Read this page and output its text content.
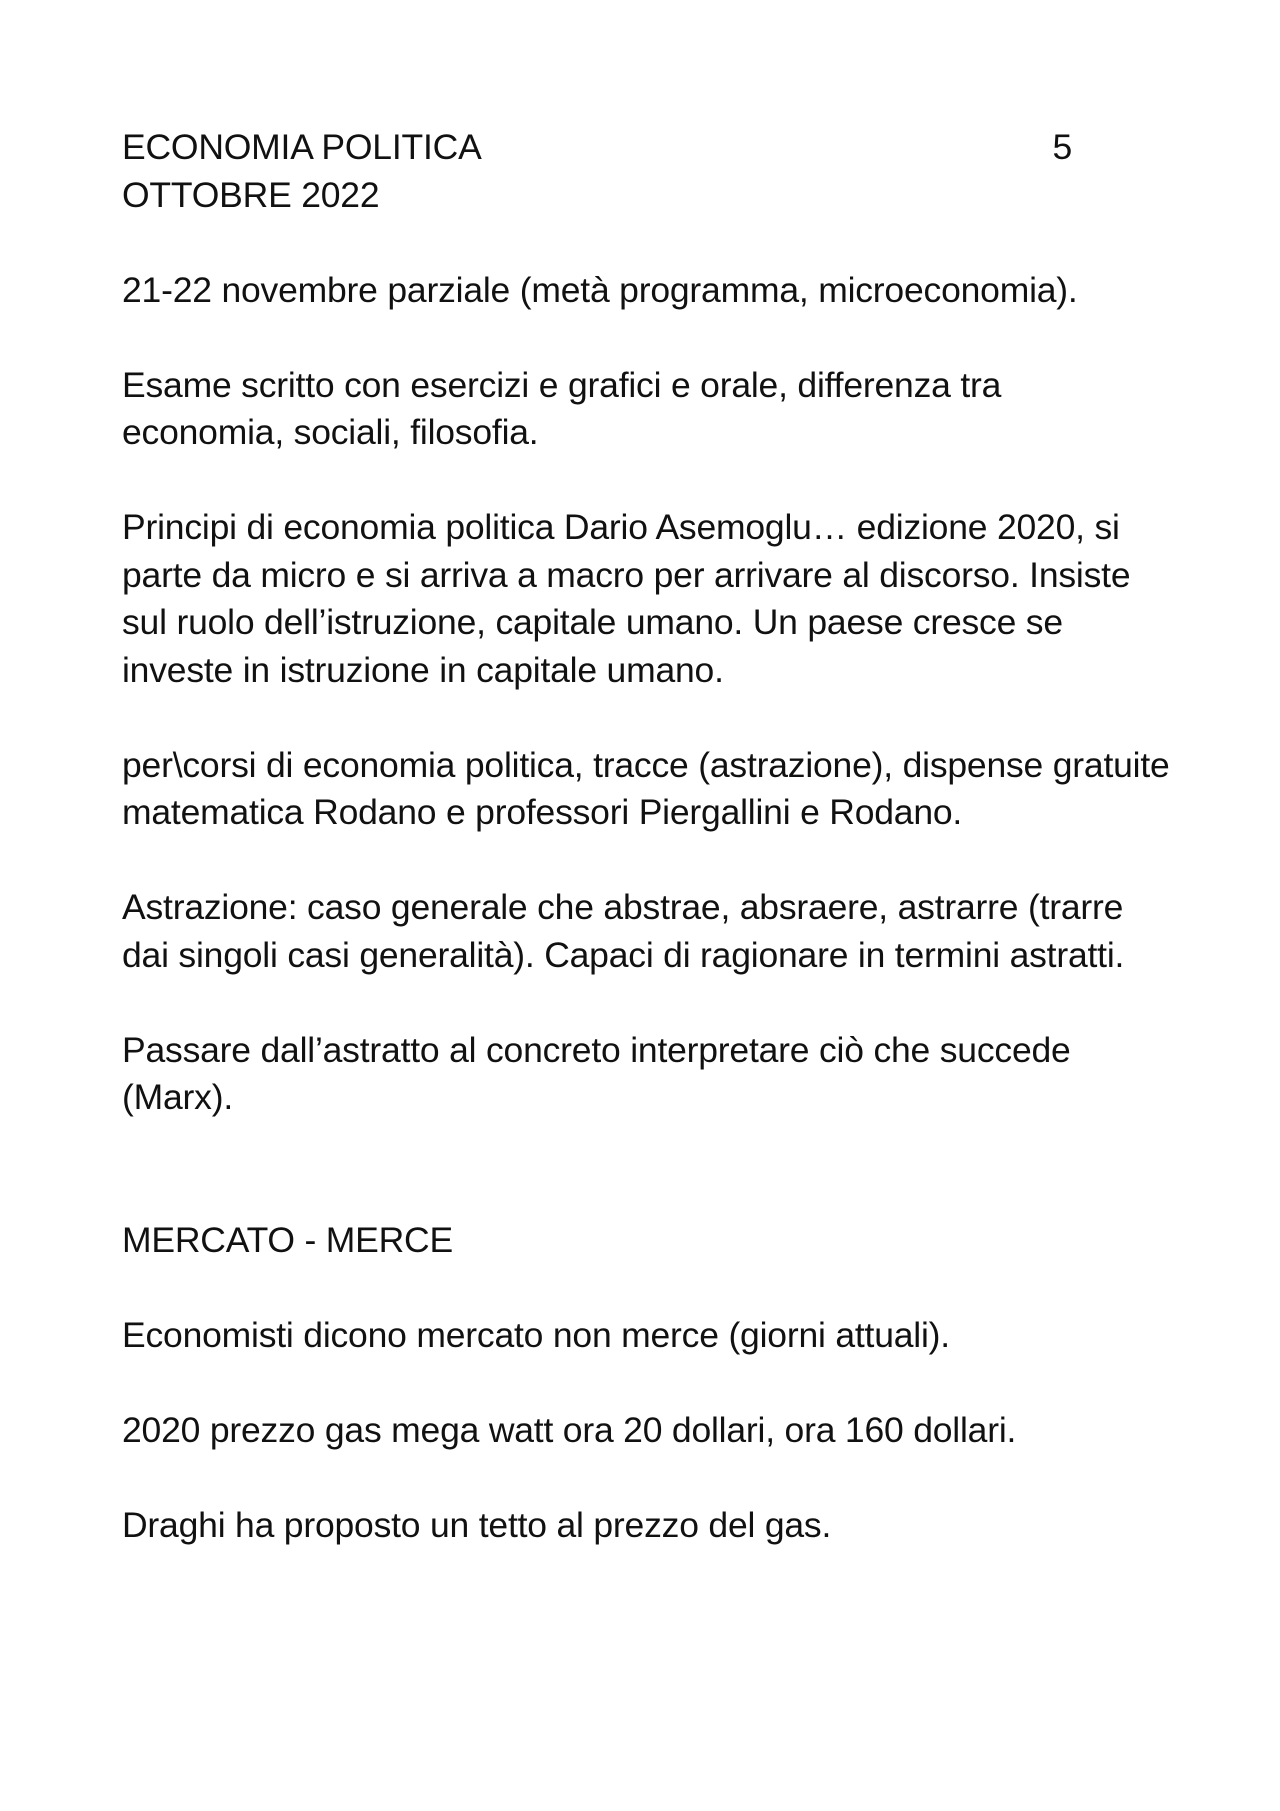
ECONOMIA POLITICA	5
OTTOBRE 2022

21-22 novembre parziale (metà programma, microeconomia).

Esame scritto con esercizi e grafici e orale, differenza tra economia, sociali, filosofia.

Principi di economia politica Dario Asemoglu… edizione 2020, si parte da micro e si arriva a macro per arrivare al discorso. Insiste sul ruolo dell’istruzione, capitale umano. Un paese cresce se investe in istruzione in capitale umano.

per\corsi di economia politica, tracce (astrazione), dispense gratuite matematica Rodano e professori Piergallini e Rodano.

Astrazione: caso generale che abstrae, absraere, astrarre (trarre dai singoli casi generalità). Capaci di ragionare in termini astratti.

Passare dall’astratto al concreto interpretare ciò che succede (Marx).

MERCATO - MERCE

Economisti dicono mercato non merce (giorni attuali).

2020 prezzo gas mega watt ora 20 dollari, ora 160 dollari.

Draghi ha proposto un tetto al prezzo del gas.
